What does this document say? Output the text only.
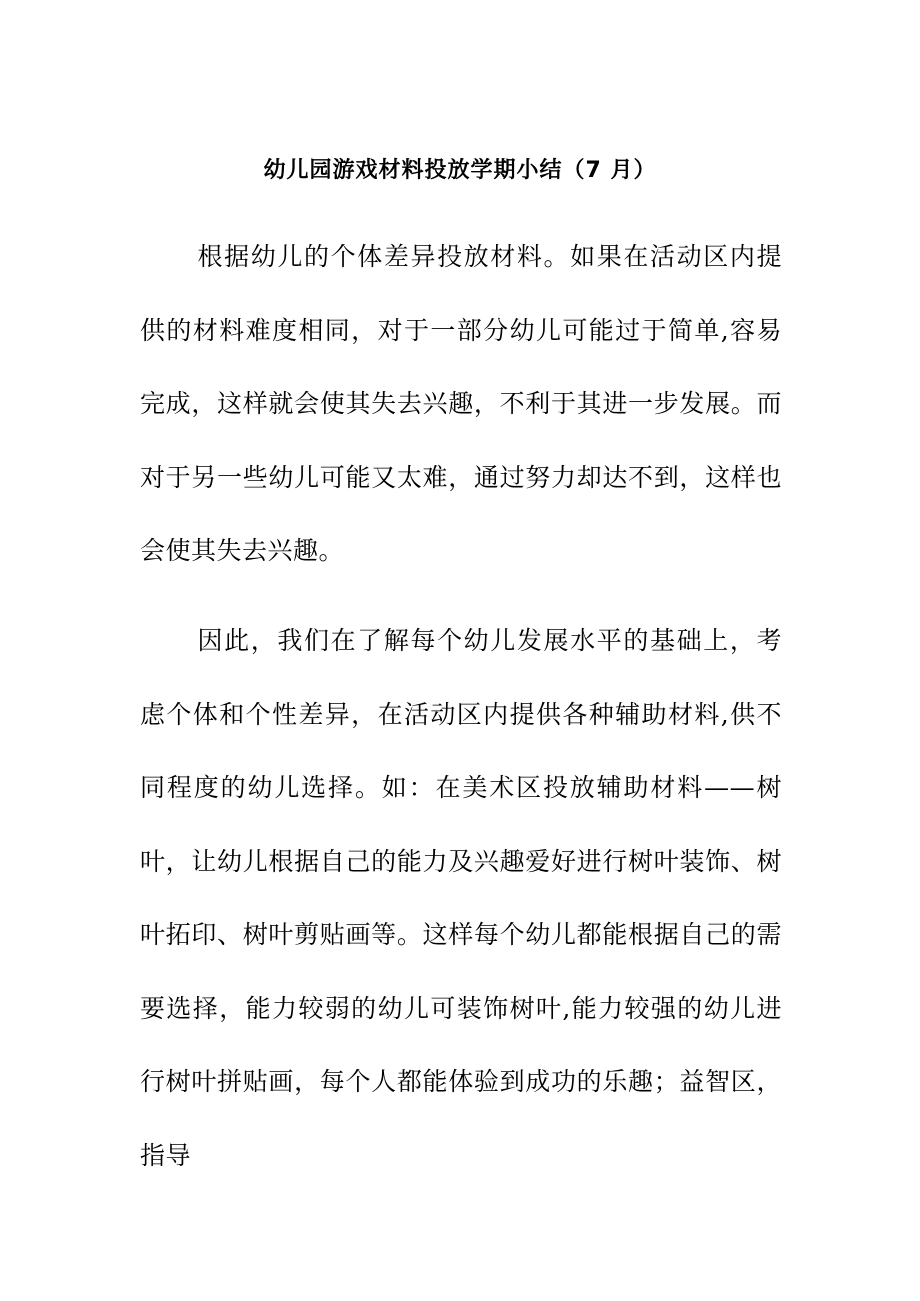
幼儿园游戏材料投放学期小结（7 月）

根据幼儿的个体差异投放材料。如果在活动区内提供的材料难度相同，对于一部分幼儿可能过于简单,容易完成，这样就会使其失去兴趣，不利于其进一步发展。而对于另一些幼儿可能又太难，通过努力却达不到，这样也会使其失去兴趣。

因此，我们在了解每个幼儿发展水平的基础上，考虑个体和个性差异，在活动区内提供各种辅助材料,供不同程度的幼儿选择。如：在美术区投放辅助材料——树叶，让幼儿根据自己的能力及兴趣爱好进行树叶装饰、树叶拓印、树叶剪贴画等。这样每个幼儿都能根据自己的需要选择，能力较弱的幼儿可装饰树叶,能力较强的幼儿进行树叶拼贴画，每个人都能体验到成功的乐趣；益智区，指导
